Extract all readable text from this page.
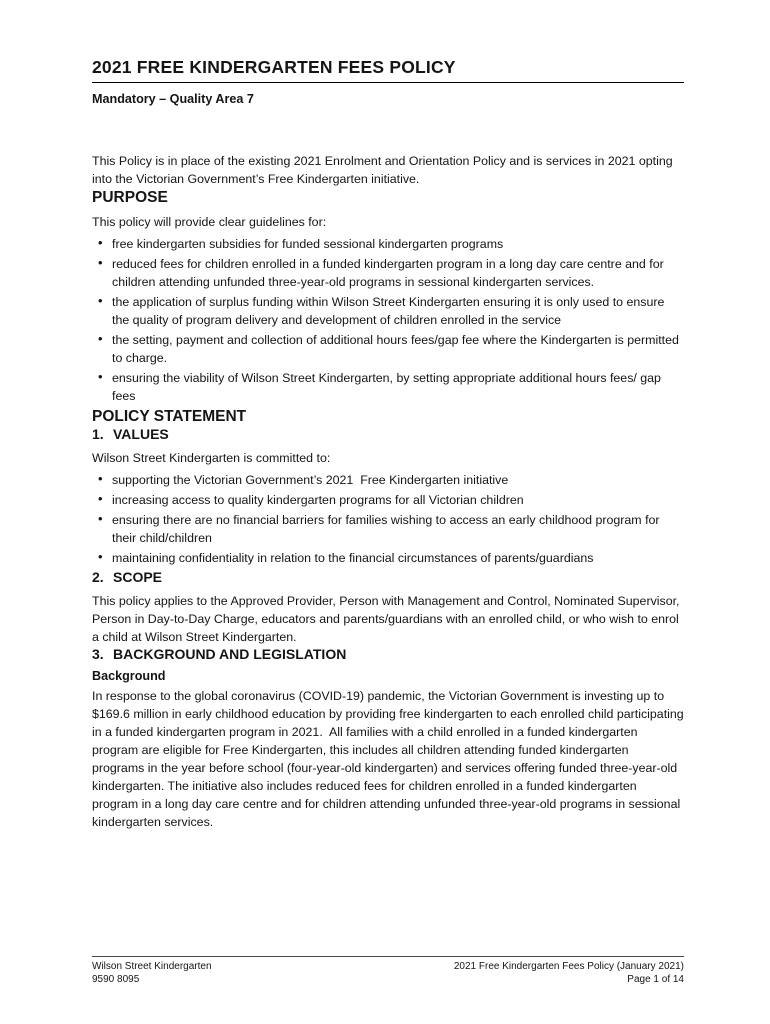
2021 FREE KINDERGARTEN FEES POLICY
Mandatory – Quality Area 7

This Policy is in place of the existing 2021 Enrolment and Orientation Policy and is services in 2021 opting into the Victorian Government’s Free Kindergarten initiative.

PURPOSE

This policy will provide clear guidelines for:

• free kindergarten subsidies for funded sessional kindergarten programs
• reduced fees for children enrolled in a funded kindergarten program in a long day care centre and for children attending unfunded three-year-old programs in sessional kindergarten services.
• the application of surplus funding within Wilson Street Kindergarten ensuring it is only used to ensure the quality of program delivery and development of children enrolled in the service
• the setting, payment and collection of additional hours fees/gap fee where the Kindergarten is permitted to charge.
• ensuring the viability of Wilson Street Kindergarten, by setting appropriate additional hours fees/ gap fees
POLICY STATEMENT
1. VALUES

Wilson Street Kindergarten is committed to:

• supporting the Victorian Government’s 2021  Free Kindergarten initiative
• increasing access to quality kindergarten programs for all Victorian children
• ensuring there are no financial barriers for families wishing to access an early childhood program for their child/children
• maintaining confidentiality in relation to the financial circumstances of parents/guardians
2. SCOPE

This policy applies to the Approved Provider, Person with Management and Control, Nominated Supervisor, Person in Day-to-Day Charge, educators and parents/guardians with an enrolled child, or who wish to enrol a child at Wilson Street Kindergarten.

3. BACKGROUND AND LEGISLATION
Background

In response to the global coronavirus (COVID-19) pandemic, the Victorian Government is investing up to $169.6 million in early childhood education by providing free kindergarten to each enrolled child participating in a funded kindergarten program in 2021.  All families with a child enrolled in a funded kindergarten program are eligible for Free Kindergarten, this includes all children attending funded kindergarten programs in the year before school (four-year-old kindergarten) and services offering funded three-year-old kindergarten. The initiative also includes reduced fees for children enrolled in a funded kindergarten program in a long day care centre and for children attending unfunded three-year-old programs in sessional kindergarten services.

Wilson Street Kindergarten
9590 8095
2021 Free Kindergarten Fees Policy (January 2021)
Page 1 of 14
